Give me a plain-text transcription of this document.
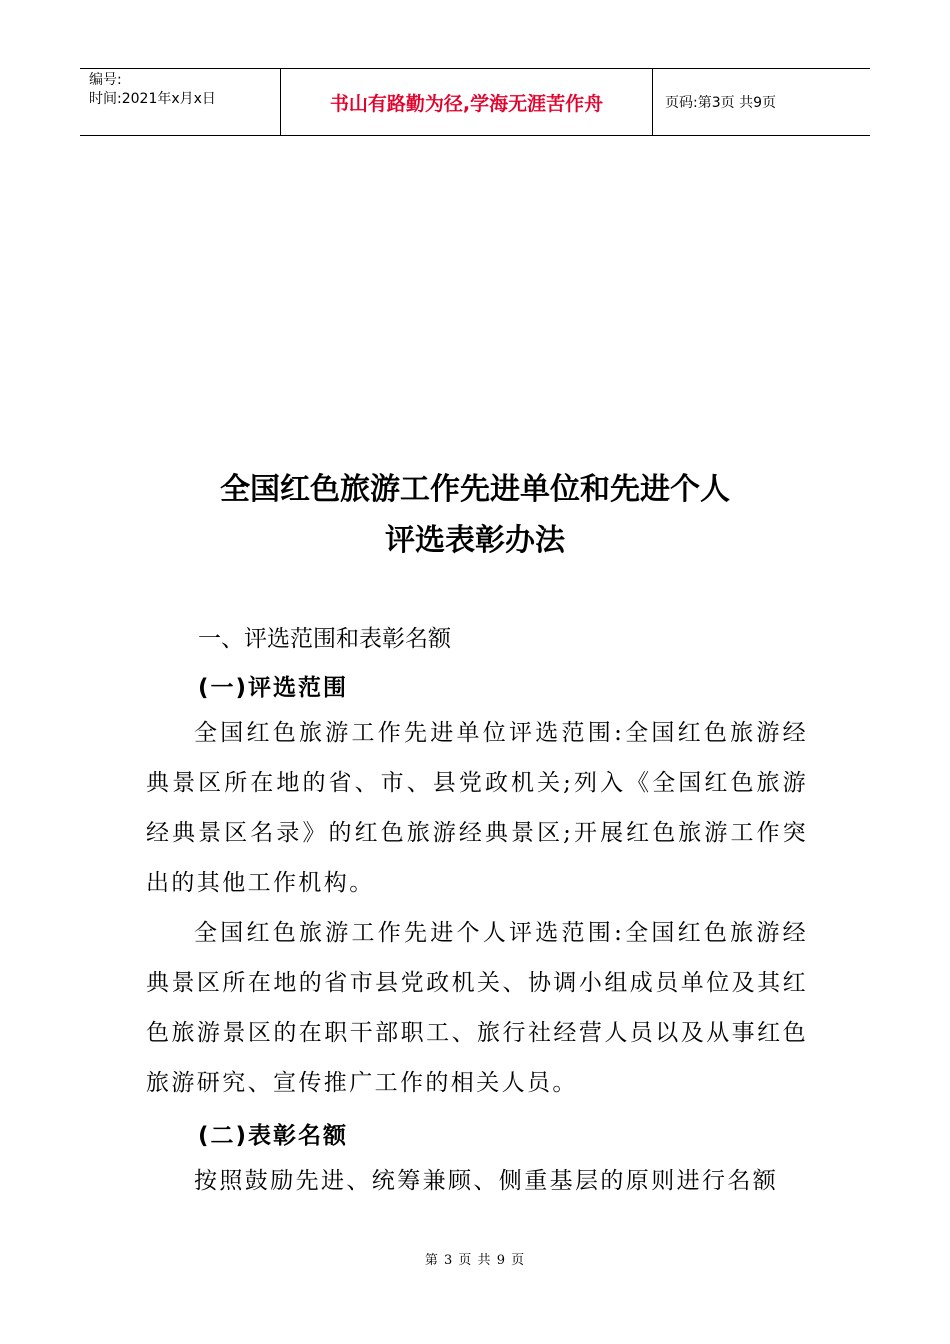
编号:
时间:2021年x月x日	书山有路勤为径,学海无涯苦作舟	页码:第3页 共9页
全国红色旅游工作先进单位和先进个人
评选表彰办法
一、评选范围和表彰名额
(一)评选范围
全国红色旅游工作先进单位评选范围:全国红色旅游经典景区所在地的省、市、县党政机关;列入《全国红色旅游经典景区名录》的红色旅游经典景区;开展红色旅游工作突出的其他工作机构。
全国红色旅游工作先进个人评选范围:全国红色旅游经典景区所在地的省市县党政机关、协调小组成员单位及其红色旅游景区的在职干部职工、旅行社经营人员以及从事红色旅游研究、宣传推广工作的相关人员。
(二)表彰名额
按照鼓励先进、统筹兼顾、侧重基层的原则进行名额
第 3 页 共 9 页
